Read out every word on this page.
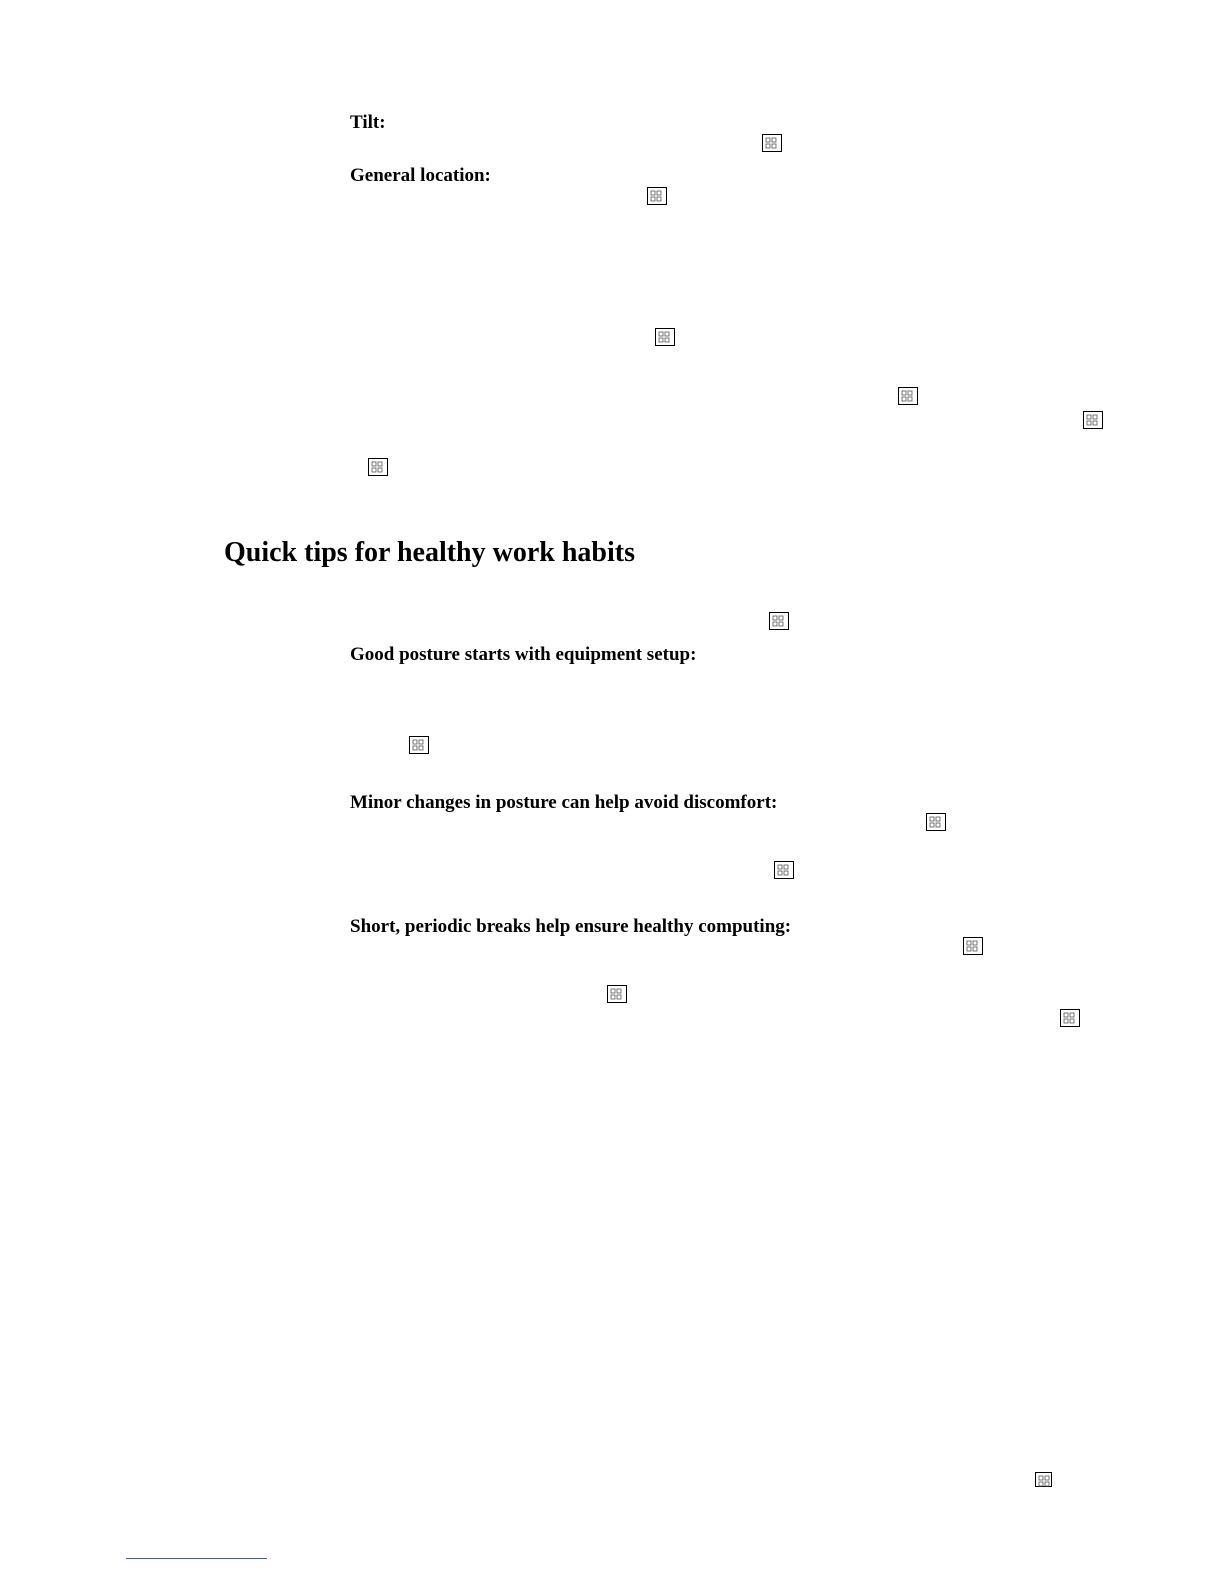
Tilt:
General location:
Quick tips for healthy work habits
Good posture starts with equipment setup:
Minor changes in posture can help avoid discomfort:
Short, periodic breaks help ensure healthy computing:
